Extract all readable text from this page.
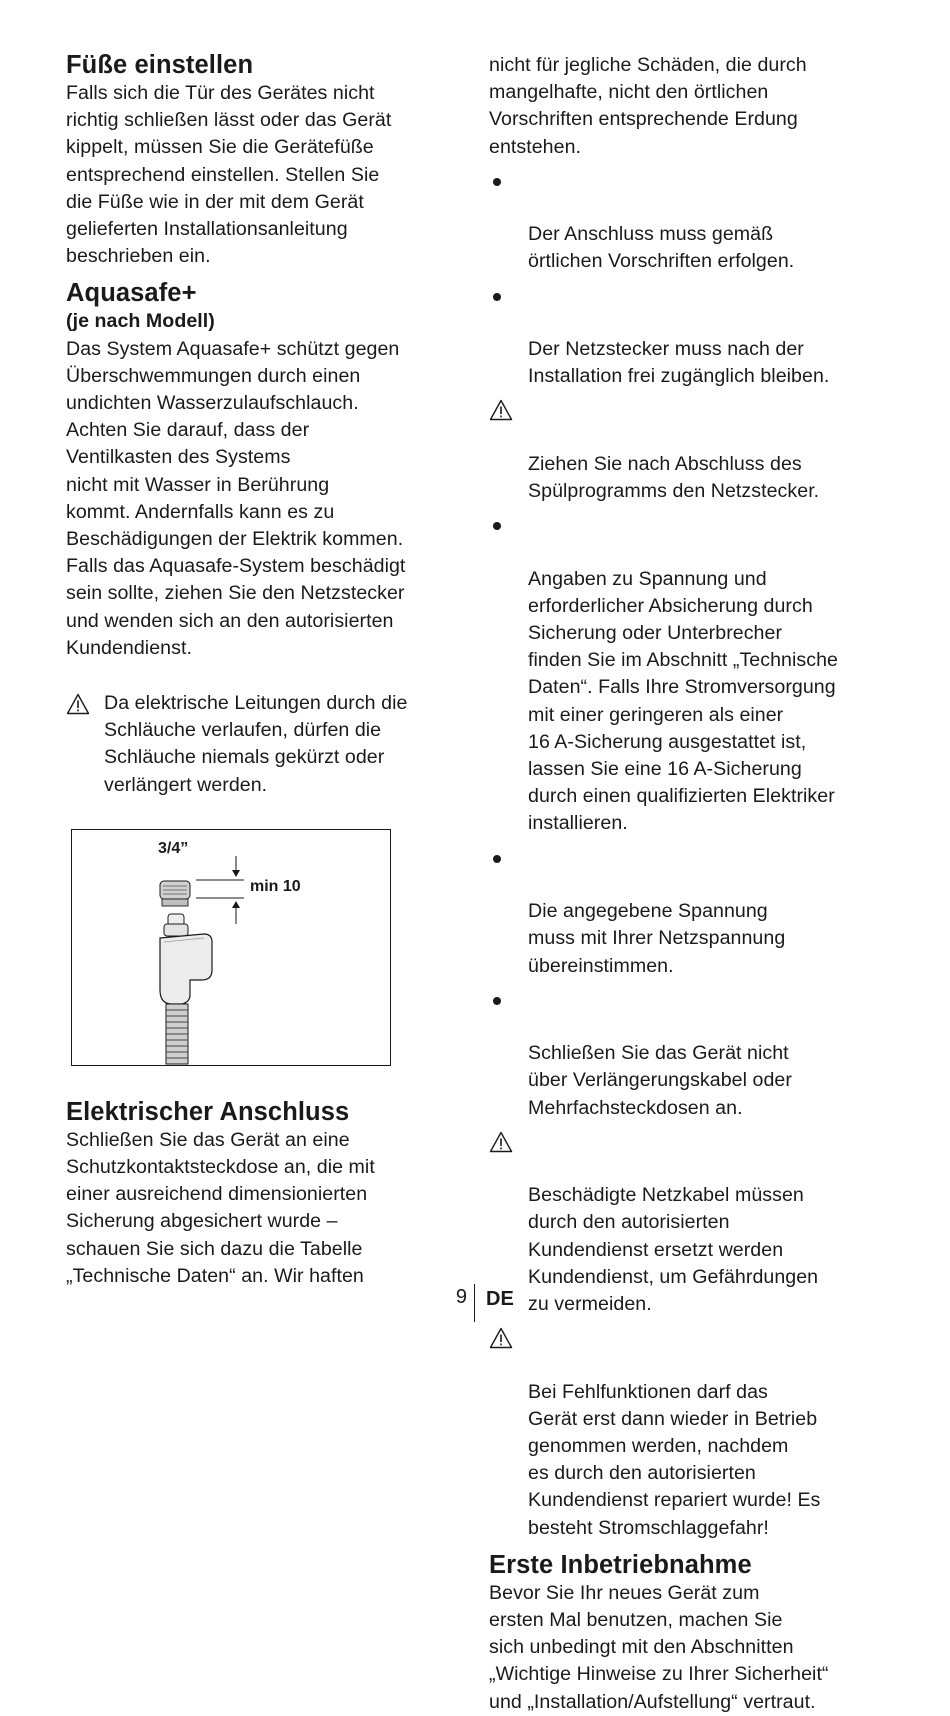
Füße einstellen

Falls sich die Tür des Gerätes nicht
richtig schließen lässt oder das Gerät
kippelt, müssen Sie die Gerätefüße
entsprechend einstellen. Stellen Sie
die Füße wie in der mit dem Gerät
gelieferten Installationsanleitung
beschrieben ein.

Aquasafe+
(je nach Modell)

Das System Aquasafe+ schützt gegen
Überschwemmungen durch einen
undichten Wasserzulaufschlauch.
Achten Sie darauf, dass der
Ventilkasten des Systems
nicht mit Wasser in Berührung
kommt. Andernfalls kann es zu
Beschädigungen der Elektrik kommen.
Falls das Aquasafe-System beschädigt
sein sollte, ziehen Sie den Netzstecker
und wenden sich an den autorisierten
Kundendienst.

Da elektrische Leitungen durch die
Schläuche verlaufen, dürfen die
Schläuche niemals gekürzt oder
verlängert werden.

3/4”
min 10
Elektrischer Anschluss

Schließen Sie das Gerät an eine
Schutzkontaktsteckdose an, die mit
einer ausreichend dimensionierten
Sicherung abgesichert wurde –
schauen Sie sich dazu die Tabelle
„Technische Daten“ an. Wir haften

nicht für jegliche Schäden, die durch
mangelhafte, nicht den örtlichen
Vorschriften entsprechende Erdung
entstehen.

Der Anschluss muss gemäß
örtlichen Vorschriften erfolgen.

Der Netzstecker muss nach der
Installation frei zugänglich bleiben.

Ziehen Sie nach Abschluss des
Spülprogramms den Netzstecker.

Angaben zu Spannung und
erforderlicher Absicherung durch
Sicherung oder Unterbrecher
finden Sie im Abschnitt „Technische
Daten“. Falls Ihre Stromversorgung
mit einer geringeren als einer
16 A-Sicherung ausgestattet ist,
lassen Sie eine 16 A-Sicherung
durch einen qualifizierten Elektriker
installieren.

Die angegebene Spannung
muss mit Ihrer Netzspannung
übereinstimmen.

Schließen Sie das Gerät nicht
über Verlängerungskabel oder
Mehrfachsteckdosen an.

Beschädigte Netzkabel müssen
durch den autorisierten
Kundendienst ersetzt werden
Kundendienst, um Gefährdungen
zu vermeiden.

Bei Fehlfunktionen darf das
Gerät erst dann wieder in Betrieb
genommen werden, nachdem
es durch den autorisierten
Kundendienst repariert wurde! Es
besteht Stromschlaggefahr!

Erste Inbetriebnahme

Bevor Sie Ihr neues Gerät zum
ersten Mal benutzen, machen Sie
sich unbedingt mit den Abschnitten
„Wichtige Hinweise zu Ihrer Sicherheit“
und „Installation/Aufstellung“ vertraut.

9 DE
